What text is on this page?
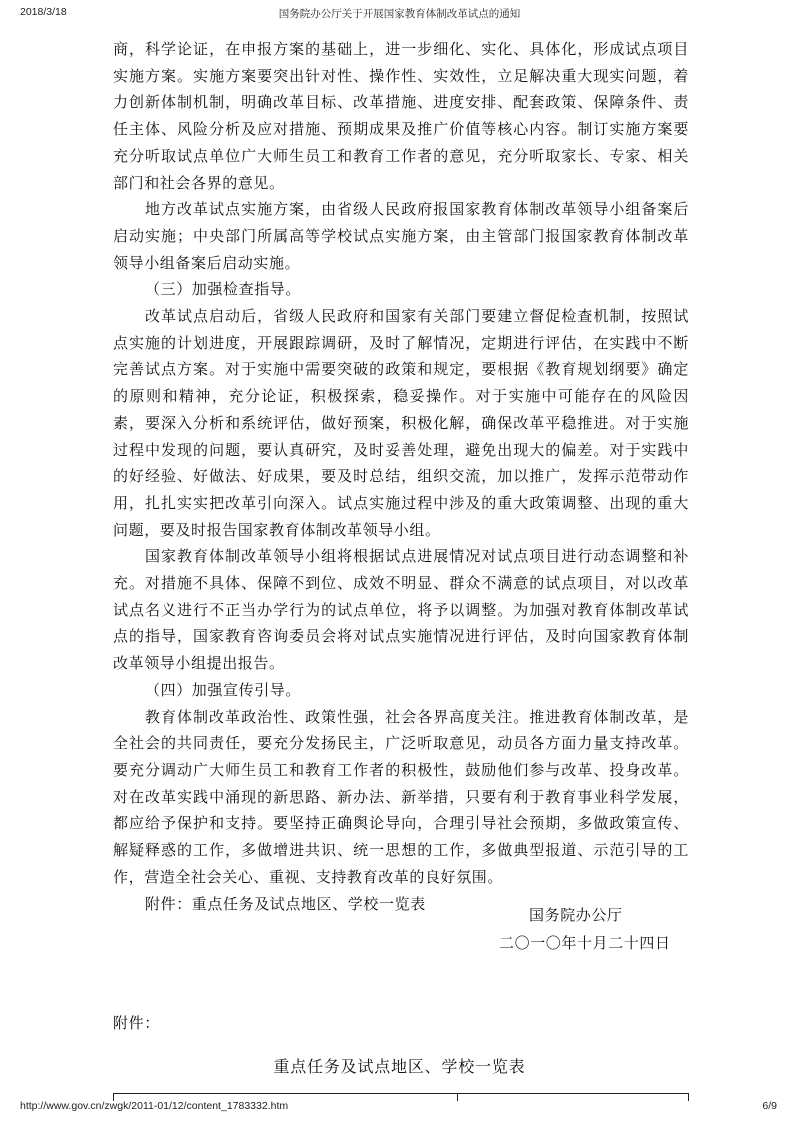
2018/3/18	国务院办公厅关于开展国家教育体制改革试点的通知

商，科学论证，在申报方案的基础上，进一步细化、实化、具体化，形成试点项目实施方案。实施方案要突出针对性、操作性、实效性，立足解决重大现实问题，着力创新体制机制，明确改革目标、改革措施、进度安排、配套政策、保障条件、责任主体、风险分析及应对措施、预期成果及推广价值等核心内容。制订实施方案要充分听取试点单位广大师生员工和教育工作者的意见，充分听取家长、专家、相关部门和社会各界的意见。

地方改革试点实施方案，由省级人民政府报国家教育体制改革领导小组备案后启动实施；中央部门所属高等学校试点实施方案，由主管部门报国家教育体制改革领导小组备案后启动实施。

（三）加强检查指导。

改革试点启动后，省级人民政府和国家有关部门要建立督促检查机制，按照试点实施的计划进度，开展跟踪调研，及时了解情况，定期进行评估，在实践中不断完善试点方案。对于实施中需要突破的政策和规定，要根据《教育规划纲要》确定的原则和精神，充分论证，积极探索，稳妥操作。对于实施中可能存在的风险因素，要深入分析和系统评估，做好预案，积极化解，确保改革平稳推进。对于实施过程中发现的问题，要认真研究，及时妥善处理，避免出现大的偏差。对于实践中的好经验、好做法、好成果，要及时总结，组织交流，加以推广，发挥示范带动作用，扎扎实实把改革引向深入。试点实施过程中涉及的重大政策调整、出现的重大问题，要及时报告国家教育体制改革领导小组。

国家教育体制改革领导小组将根据试点进展情况对试点项目进行动态调整和补充。对措施不具体、保障不到位、成效不明显、群众不满意的试点项目，对以改革试点名义进行不正当办学行为的试点单位，将予以调整。为加强对教育体制改革试点的指导，国家教育咨询委员会将对试点实施情况进行评估，及时向国家教育体制改革领导小组提出报告。

（四）加强宣传引导。

教育体制改革政治性、政策性强，社会各界高度关注。推进教育体制改革，是全社会的共同责任，要充分发扬民主，广泛听取意见，动员各方面力量支持改革。要充分调动广大师生员工和教育工作者的积极性，鼓励他们参与改革、投身改革。对在改革实践中涌现的新思路、新办法、新举措，只要有利于教育事业科学发展，都应给予保护和支持。要坚持正确舆论导向，合理引导社会预期，多做政策宣传、解疑释惑的工作，多做增进共识、统一思想的工作，多做典型报道、示范引导的工作，营造全社会关心、重视、支持教育改革的良好氛围。

附件：重点任务及试点地区、学校一览表

国务院办公厅
二〇一〇年十月二十四日
附件：
重点任务及试点地区、学校一览表
http://www.gov.cn/zwgk/2011-01/12/content_1783332.htm	6/9
